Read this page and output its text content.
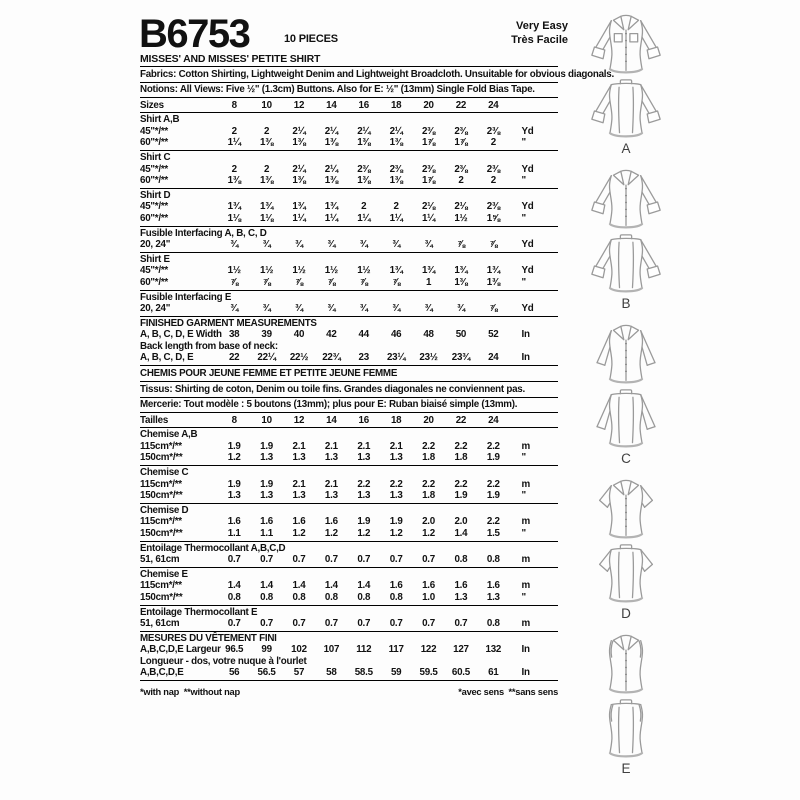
B6753	10 PIECES
Very Easy
Très Facile
MISSES' AND MISSES' PETITE SHIRT
Fabrics: Cotton Shirting, Lightweight Denim and Lightweight Broadcloth. Unsuitable for obvious diagonals.
Notions: All Views: Five ½" (1.3cm) Buttons. Also for E: ½" (13mm) Single Fold Bias Tape.
Sizes	8	10	12	14	16	18	20	22	24
Shirt A,B
45"*/**	2	2	2¼	2¼	2¼	2¼	2⅜	2⅜	2⅜	Yd
60"*/**	1¼	1⅜	1⅜	1⅜	1⅜	1⅜	1⅞	1⅞	2	"
Shirt C
45"*/**	2	2	2¼	2¼	2⅜	2⅜	2⅜	2⅜	2⅜	Yd
60"*/**	1⅜	1⅜	1⅜	1⅜	1⅜	1⅜	1⅞	2	2	"
Shirt D
45"*/**	1¾	1¾	1¾	1¾	2	2	2⅛	2⅛	2⅜	Yd
60"*/**	1⅛	1⅛	1¼	1¼	1¼	1¼	1¼	1½	1⅝	"
Fusible Interfacing A, B, C, D
20, 24"	¾	¾	¾	¾	¾	¾	¾	⅞	⅞	Yd
Shirt E
45"*/**	1½	1½	1½	1½	1½	1¾	1¾	1¾	1¾	Yd
60"*/**	⅞	⅞	⅞	⅞	⅞	⅞	1	1⅜	1⅜	"
Fusible Interfacing E
20, 24"	¾	¾	¾	¾	¾	¾	¾	¾	⅞	Yd
FINISHED GARMENT MEASUREMENTS
A, B, C, D, E Width 38	39	40	42	44	46	48	50	52	In
Back length from base of neck:
A, B, C, D, E	22	22¼	22½	22¾	23	23¼	23½	23¾	24	In
CHEMIS POUR JEUNE FEMME ET PETITE JEUNE FEMME
Tissus: Shirting de coton, Denim ou toile fins. Grandes diagonales ne conviennent pas.
Mercerie: Tout modèle : 5 boutons (13mm); plus pour E: Ruban biaisé simple (13mm).
Tailles	8	10	12	14	16	18	20	22	24
Chemise A,B
115cm*/**	1.9	1.9	2.1	2.1	2.1	2.1	2.2	2.2	2.2	m
150cm*/**	1.2	1.3	1.3	1.3	1.3	1.3	1.8	1.8	1.9	"
Chemise C
115cm*/**	1.9	1.9	2.1	2.1	2.2	2.2	2.2	2.2	2.2	m
150cm*/**	1.3	1.3	1.3	1.3	1.3	1.3	1.8	1.9	1.9	"
Chemise D
115cm*/**	1.6	1.6	1.6	1.6	1.9	1.9	2.0	2.0	2.2	m
150cm*/**	1.1	1.1	1.2	1.2	1.2	1.2	1.2	1.4	1.5	"
Entoilage Thermocollant A,B,C,D
51, 61cm	0.7	0.7	0.7	0.7	0.7	0.7	0.7	0.8	0.8	m
Chemise E
115cm*/**	1.4	1.4	1.4	1.4	1.4	1.6	1.6	1.6	1.6	m
150cm*/**	0.8	0.8	0.8	0.8	0.8	0.8	1.0	1.3	1.3	"
Entoilage Thermocollant E
51, 61cm	0.7	0.7	0.7	0.7	0.7	0.7	0.7	0.7	0.8	m
MESURES DU VÊTEMENT FINI
A,B,C,D,E Largeur 96.5	99	102	107	112	117	122	127	132	In
Longueur - dos, votre nuque à l'ourlet
A,B,C,D,E	56	56.5	57	58	58.5	59	59.5	60.5	61	In
*with nap  **without nap	*avec sens  **sans sens
A
B
C
D
E
